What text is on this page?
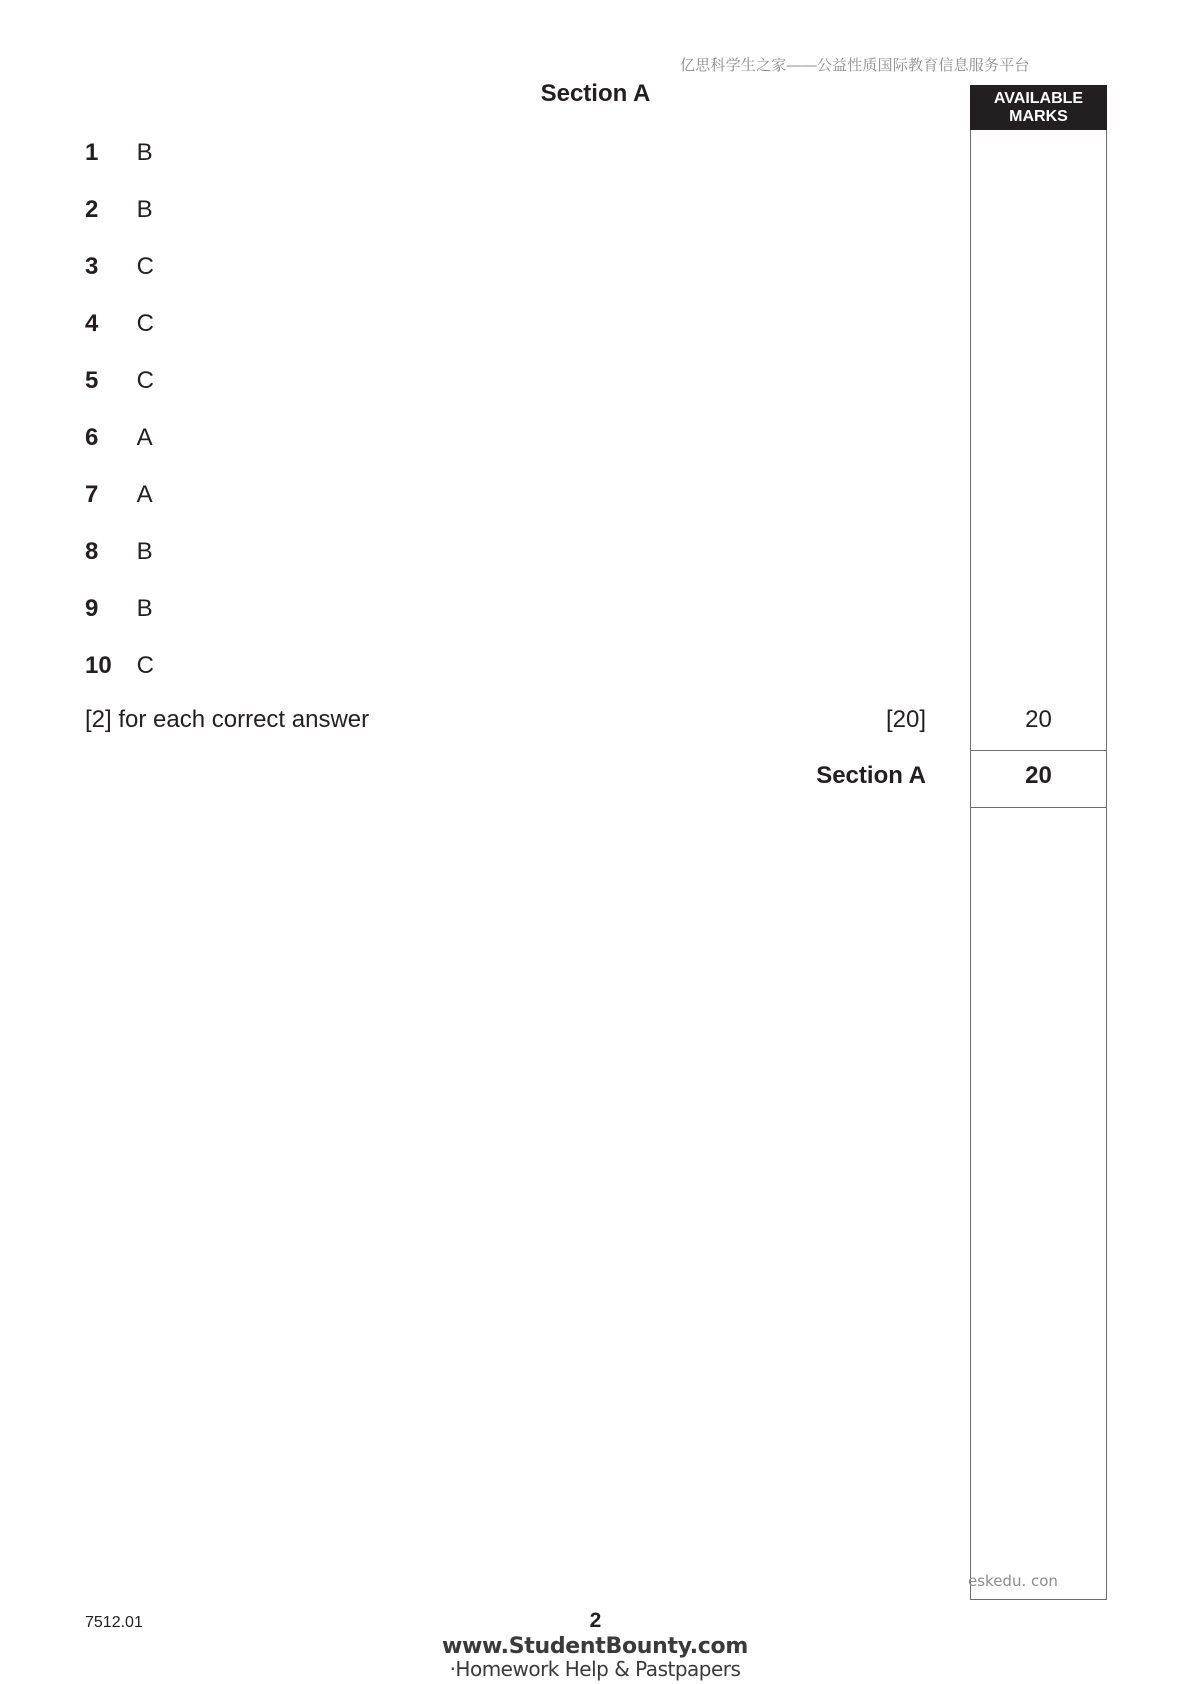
亿思科学生之家——公益性质国际教育信息服务平台
Section A	AVAILABLE
MARKS
1 B
2 B
3 C
4 C
5 C
6 A
7 A
8 B
9 B
10 C
[2] for each correct answer	[20]	20
Section A	20
eskedu. con
7512.01	2
www.StudentBounty.com
·Homework Help & Pastpapers
